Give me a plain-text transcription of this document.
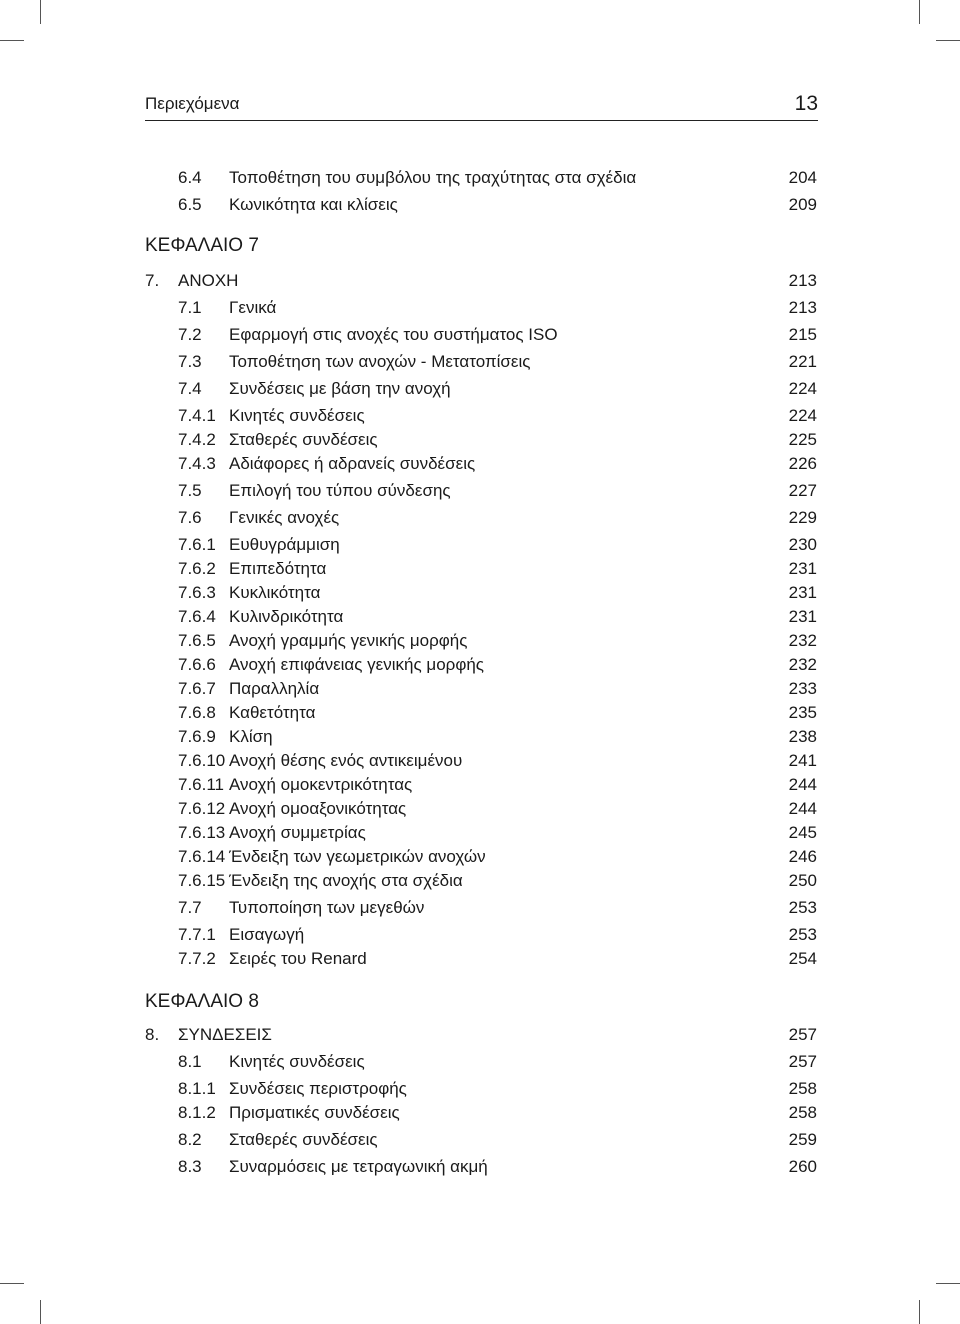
Περιεχόμενα	13
ΚΕΦΑΛΑΙΟ 7
ΚΕΦΑΛΑΙΟ 8
6.4 Τοποθέτηση του συμβόλου της τραχύτητας στα σχέδια	204
6.5 Κωνικότητα και κλίσεις	209
7. ΑΝΟΧΗ	213
7.1 Γενικά	213
7.2 Εφαρμογή στις ανοχές του συστήματος ISO	215
7.3 Τοποθέτηση των ανοχών - Μετατοπίσεις	221
7.4 Συνδέσεις με βάση την ανοχή	224
7.4.1 Κινητές συνδέσεις	224
7.4.2 Σταθερές συνδέσεις	225
7.4.3 Αδιάφορες ή αδρανείς συνδέσεις	226
7.5 Επιλογή του τύπου σύνδεσης	227
7.6 Γενικές ανοχές	229
7.6.1 Ευθυγράμμιση	230
7.6.2 Επιπεδότητα	231
7.6.3 Κυκλικότητα	231
7.6.4 Κυλινδρικότητα	231
7.6.5 Ανοχή γραμμής γενικής μορφής	232
7.6.6 Ανοχή επιφάνειας γενικής μορφής	232
7.6.7 Παραλληλία	233
7.6.8 Καθετότητα	235
7.6.9 Κλίση	238
7.6.10 Ανοχή θέσης ενός αντικειμένου	241
7.6.11 Ανοχή ομοκεντρικότητας	244
7.6.12 Ανοχή ομοαξονικότητας	244
7.6.13 Ανοχή συμμετρίας	245
7.6.14 Ένδειξη των γεωμετρικών ανοχών	246
7.6.15 Ένδειξη της ανοχής στα σχέδια	250
7.7 Τυποποίηση των μεγεθών	253
7.7.1 Εισαγωγή	253
7.7.2 Σειρές του Renard	254
8. ΣΥΝΔΕΣΕΙΣ	257
8.1 Κινητές συνδέσεις	257
8.1.1 Συνδέσεις περιστροφής	258
8.1.2 Πρισματικές συνδέσεις	258
8.2 Σταθερές συνδέσεις	259
8.3 Συναρμόσεις με τετραγωνική ακμή	260
